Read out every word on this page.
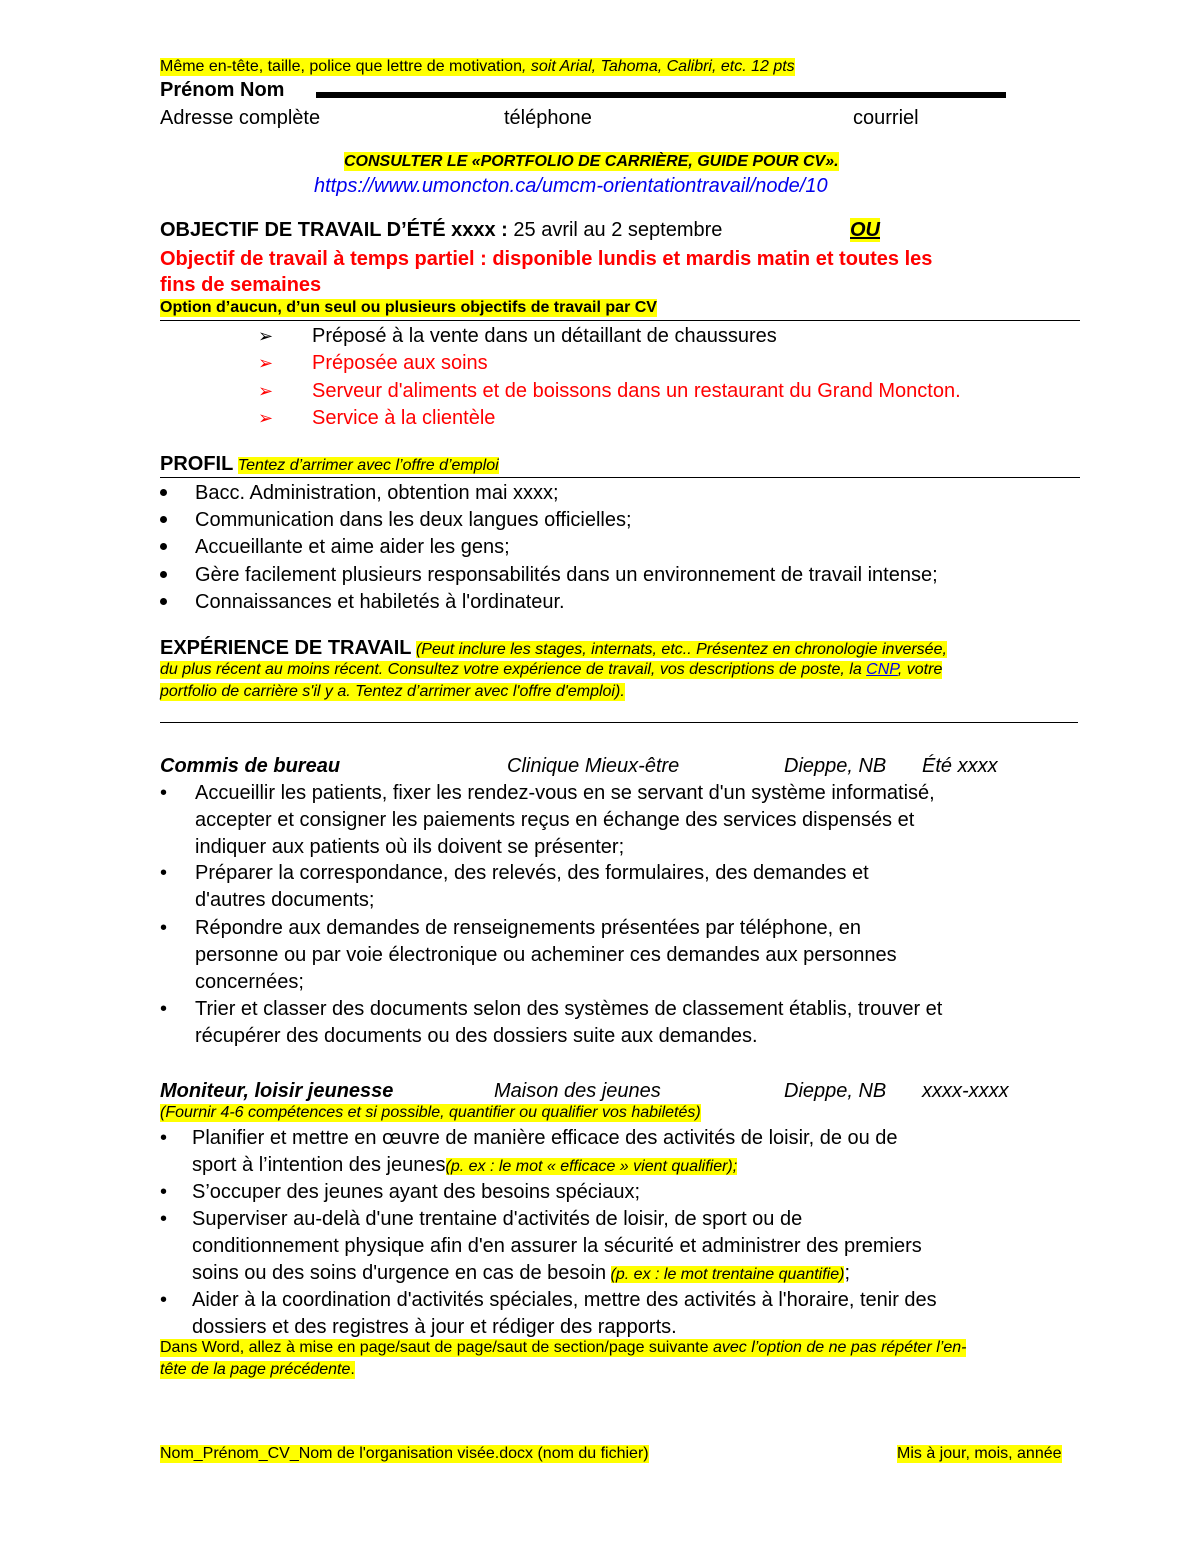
Même en-tête, taille, police que lettre de motivation, soit Arial, Tahoma, Calibri, etc. 12 pts
Prénom Nom
Adresse complète	téléphone	courriel
CONSULTER LE «PORTFOLIO DE CARRIÈRE, GUIDE POUR CV».
https://www.umoncton.ca/umcm-orientationtravail/node/10
OBJECTIF DE TRAVAIL D’ÉTÉ xxxx : 25 avril au 2 septembre	OU
Objectif de travail à temps partiel : disponible lundis et mardis matin et toutes les
fins de semaines
Option d’aucun, d’un seul ou plusieurs objectifs de travail par CV
➢ Préposé à la vente dans un détaillant de chaussures
➢ Préposée aux soins
➢ Serveur d'aliments et de boissons dans un restaurant du Grand Moncton.
➢ Service à la clientèle
PROFIL Tentez d’arrimer avec l’offre d’emploi
Bacc. Administration, obtention mai xxxx;
Communication dans les deux langues officielles;
Accueillante et aime aider les gens;
Gère facilement plusieurs responsabilités dans un environnement de travail intense;
Connaissances et habiletés à l'ordinateur.
EXPÉRIENCE DE TRAVAIL (Peut inclure les stages, internats, etc.. Présentez en chronologie inversée,
du plus récent au moins récent. Consultez votre expérience de travail, vos descriptions de poste, la CNP, votre
portfolio de carrière s'il y a. Tentez d’arrimer avec l'offre d'emploi).
Commis de bureau	Clinique Mieux-être	Dieppe, NB Été xxxx
• Accueillir les patients, fixer les rendez-vous en se servant d'un système informatisé,
accepter et consigner les paiements reçus en échange des services dispensés et
indiquer aux patients où ils doivent se présenter;
• Préparer la correspondance, des relevés, des formulaires, des demandes et
d'autres documents;
• Répondre aux demandes de renseignements présentées par téléphone, en
personne ou par voie électronique ou acheminer ces demandes aux personnes
concernées;
• Trier et classer des documents selon des systèmes de classement établis, trouver et
récupérer des documents ou des dossiers suite aux demandes.
Moniteur, loisir jeunesse	Maison des jeunes	Dieppe, NB xxxx-xxxx
(Fournir 4-6 compétences et si possible, quantifier ou qualifier vos habiletés)
• Planifier et mettre en œuvre de manière efficace des activités de loisir, de ou de
sport à l’intention des jeunes(p. ex : le mot « efficace » vient qualifier);
• S’occuper des jeunes ayant des besoins spéciaux;
• Superviser au-delà d'une trentaine d'activités de loisir, de sport ou de
conditionnement physique afin d'en assurer la sécurité et administrer des premiers
soins ou des soins d'urgence en cas de besoin (p. ex : le mot trentaine quantifie);
• Aider à la coordination d'activités spéciales, mettre des activités à l'horaire, tenir des
dossiers et des registres à jour et rédiger des rapports.
Dans Word, allez à mise en page/saut de page/saut de section/page suivante avec l’option de ne pas répéter l’en-
tête de la page précédente.
Nom_Prénom_CV_Nom de l'organisation visée.docx (nom du fichier)	Mis à jour, mois, année
